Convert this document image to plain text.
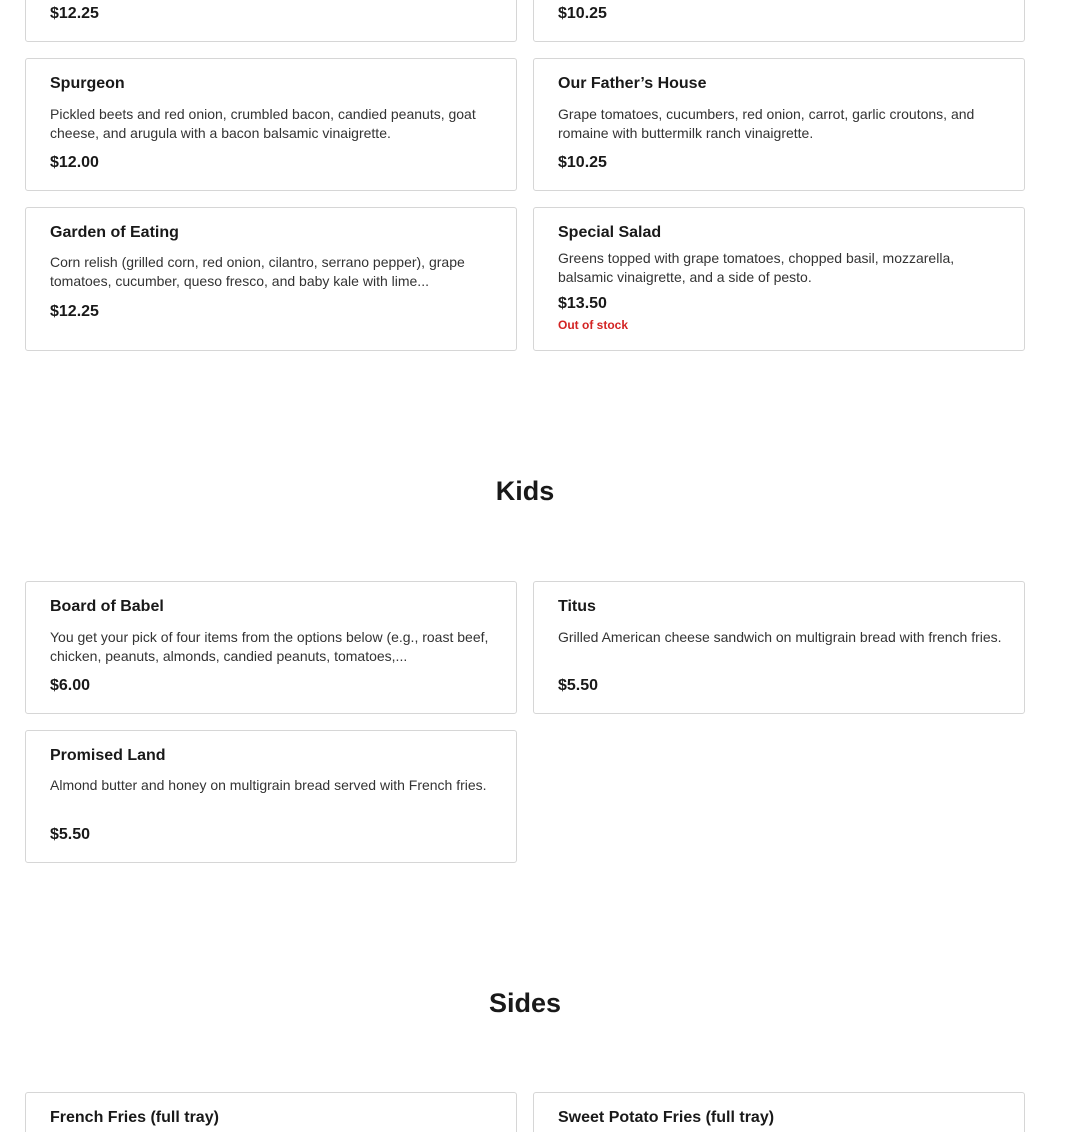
$12.25	$10.25
Spurgeon
Pickled beets and red onion, crumbled bacon, candied peanuts, goat cheese, and arugula with a bacon balsamic vinaigrette.
$12.00
Our Father’s House
Grape tomatoes, cucumbers, red onion, carrot, garlic croutons, and romaine with buttermilk ranch vinaigrette.
$10.25
Garden of Eating
Corn relish (grilled corn, red onion, cilantro, serrano pepper), grape tomatoes, cucumber, queso fresco, and baby kale with lime...
$12.25
Special Salad
Greens topped with grape tomatoes, chopped basil, mozzarella, balsamic vinaigrette, and a side of pesto.
$13.50
Out of stock
Kids
Board of Babel
You get your pick of four items from the options below (e.g., roast beef, chicken, peanuts, almonds, candied peanuts, tomatoes,...
$6.00
Titus
Grilled American cheese sandwich on multigrain bread with french fries.
$5.50
Promised Land
Almond butter and honey on multigrain bread served with French fries.
$5.50
Sides
French Fries (full tray)	Sweet Potato Fries (full tray)
